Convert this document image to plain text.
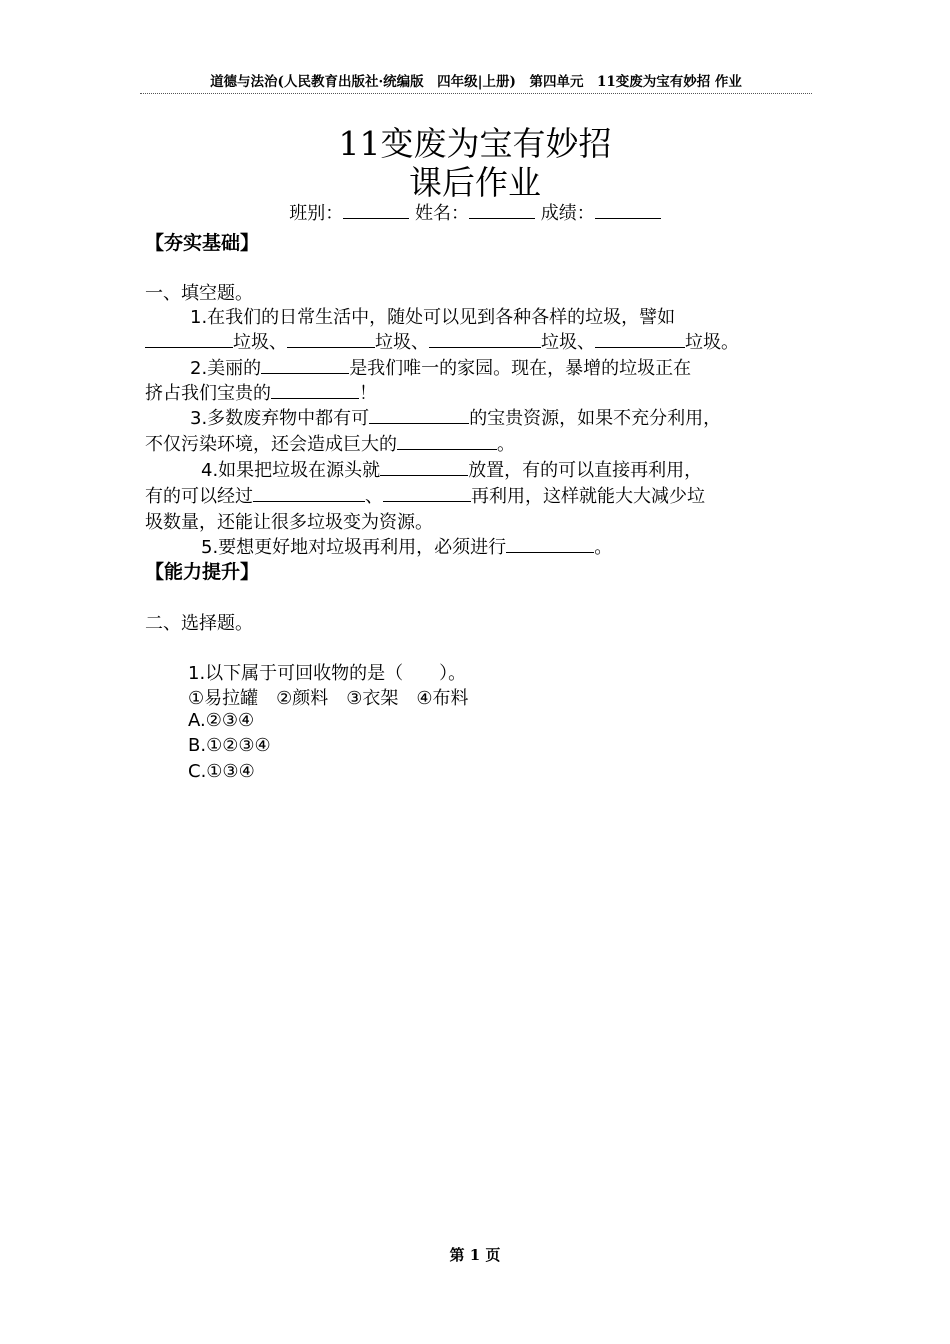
道德与法治(人民教育出版社·统编版　四年级|上册)　第四单元　11变废为宝有妙招 作业
11变废为宝有妙招
课后作业
班别：	姓名：	成绩：
【夯实基础】
一、填空题。
1.在我们的日常生活中，随处可以见到各种各样的垃圾，譬如
垃圾、	垃圾、	垃圾、	垃圾。
2.美丽的	是我们唯一的家园。现在，暴增的垃圾正在
挤占我们宝贵的	！
3.多数废弃物中都有可	的宝贵资源，如果不充分利用，
不仅污染环境，还会造成巨大的	。
4.如果把垃圾在源头就	放置，有的可以直接再利用，
有的可以经过	、	再利用，这样就能大大减少垃
圾数量，还能让很多垃圾变为资源。
5.要想更好地对垃圾再利用，必须进行	。
【能力提升】
二、选择题。
1.以下属于可回收物的是（　　）。
①易拉罐　②颜料　③衣架　④布料
A.②③④
B.①②③④
C.①③④
第 1 页
